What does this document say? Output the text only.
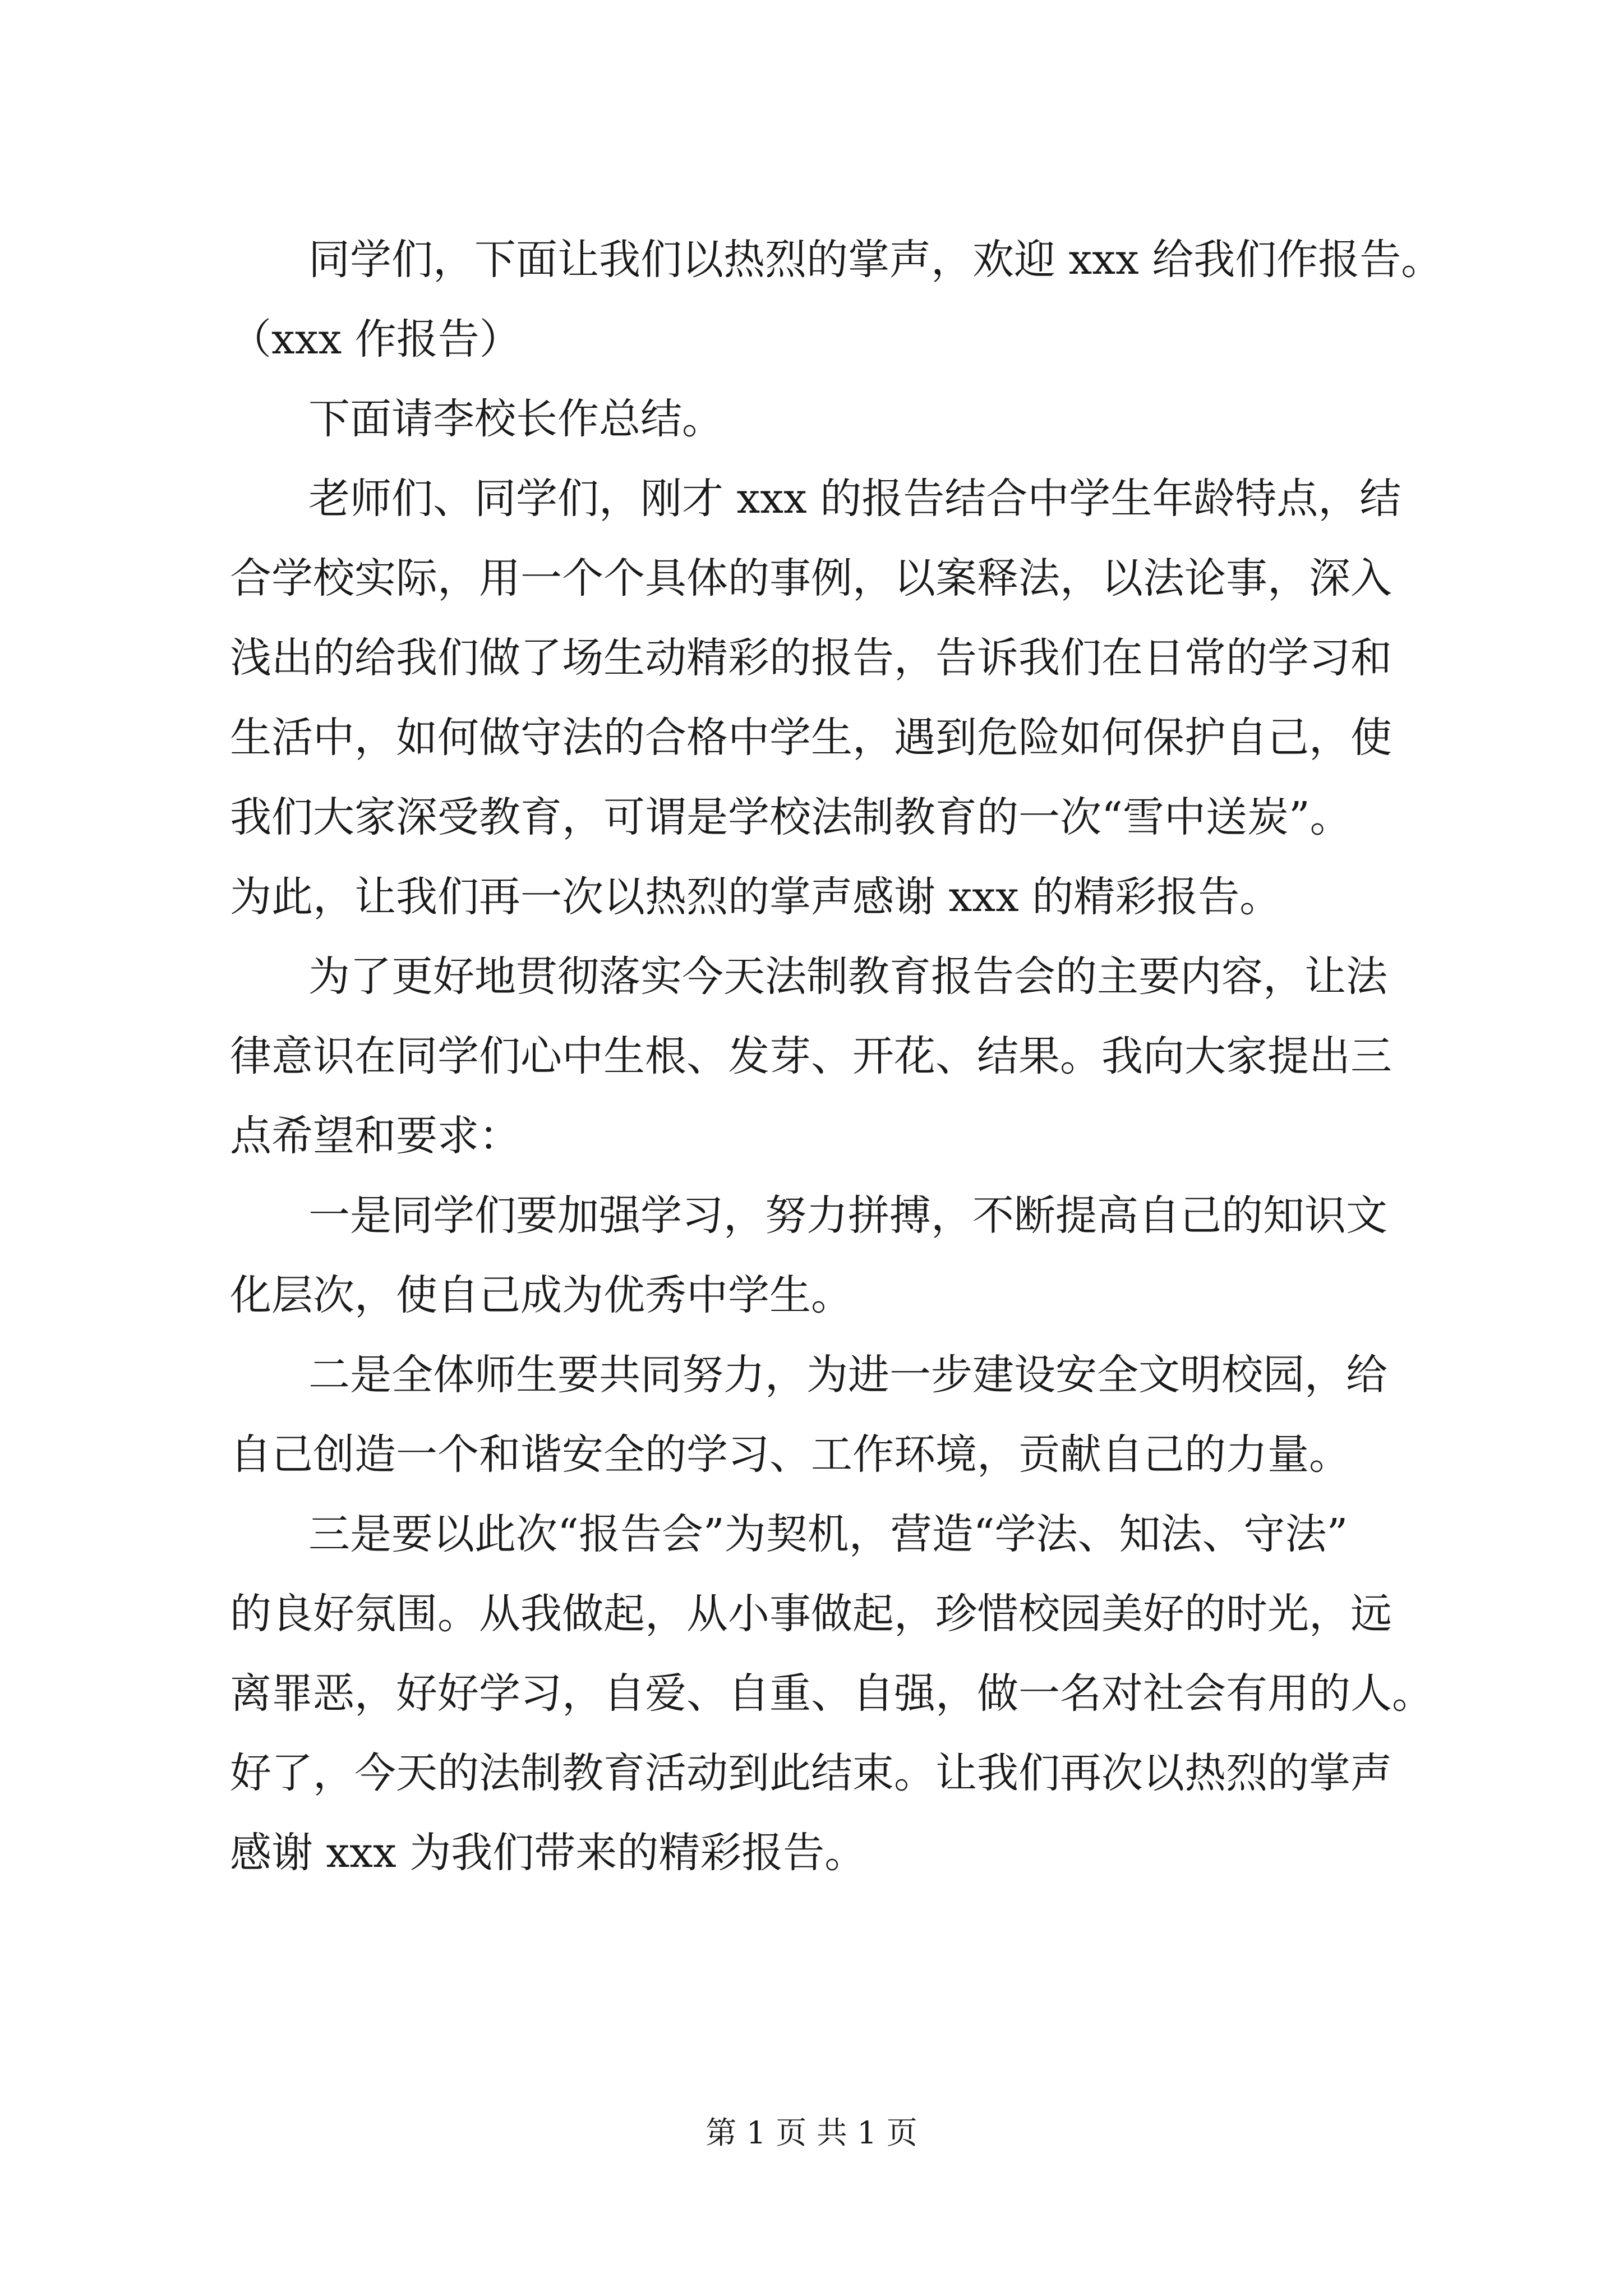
同学们，下面让我们以热烈的掌声，欢迎 xxx 给我们作报告。
（xxx 作报告）
下面请李校长作总结。
老师们、同学们，刚才 xxx 的报告结合中学生年龄特点，结
合学校实际，用一个个具体的事例，以案释法，以法论事，深入
浅出的给我们做了场生动精彩的报告，告诉我们在日常的学习和
生活中，如何做守法的合格中学生，遇到危险如何保护自己，使
我们大家深受教育，可谓是学校法制教育的一次“雪中送炭”。
为此，让我们再一次以热烈的掌声感谢 xxx 的精彩报告。
为了更好地贯彻落实今天法制教育报告会的主要内容，让法
律意识在同学们心中生根、发芽、开花、结果。我向大家提出三
点希望和要求：
一是同学们要加强学习，努力拼搏，不断提高自己的知识文
化层次，使自己成为优秀中学生。
二是全体师生要共同努力，为进一步建设安全文明校园，给
自己创造一个和谐安全的学习、工作环境，贡献自己的力量。
三是要以此次“报告会”为契机，营造“学法、知法、守法”
的良好氛围。从我做起，从小事做起，珍惜校园美好的时光，远
离罪恶，好好学习，自爱、自重、自强，做一名对社会有用的人。
好了，今天的法制教育活动到此结束。让我们再次以热烈的掌声
感谢 xxx 为我们带来的精彩报告。
第 1 页 共 1 页
